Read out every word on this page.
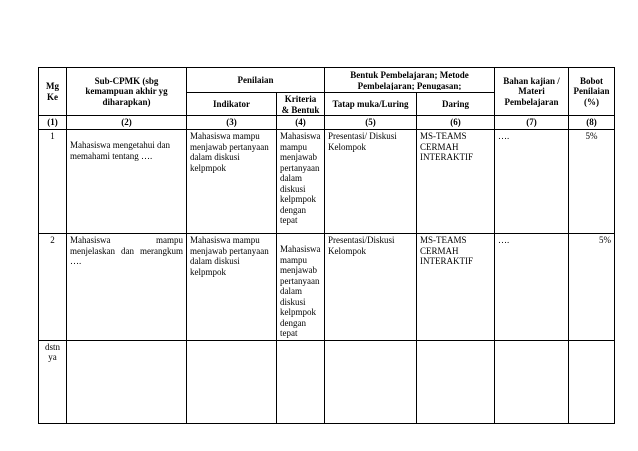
Mg Ke	Sub-CPMK (sbg kemampuan akhir yg diharapkan)	Penilaian		Bentuk Pembelajaran; Metode Pembelajaran; Penugasan;		Bahan kajian / Materi Pembelajaran	Bobot Penilaian (%)
		Indikator	Kriteria & Bentuk	Tatap muka/Luring	Daring		
(1)	(2)	(3)	(4)	(5)	(6)	(7)	(8)
1	Mahasiswa mengetahui dan memahami tentang ….	Mahasiswa mampu menjawab pertanyaan dalam diskusi kelpmpok	Mahasiswa mampu menjawab pertanyaan dalam diskusi kelpmpok dengan tepat	Presentasi/ Diskusi Kelompok	MS-TEAMS CERMAH INTERAKTIF	….	5%
2	Mahasiswa mampu menjelaskan dan merangkum ….	Mahasiswa mampu menjawab pertanyaan dalam diskusi kelpmpok	Mahasiswa mampu menjawab pertanyaan dalam diskusi kelpmpok dengan tepat	Presentasi/Diskusi Kelompok	MS-TEAMS CERMAH INTERAKTIF	….	5%
dstn ya							
